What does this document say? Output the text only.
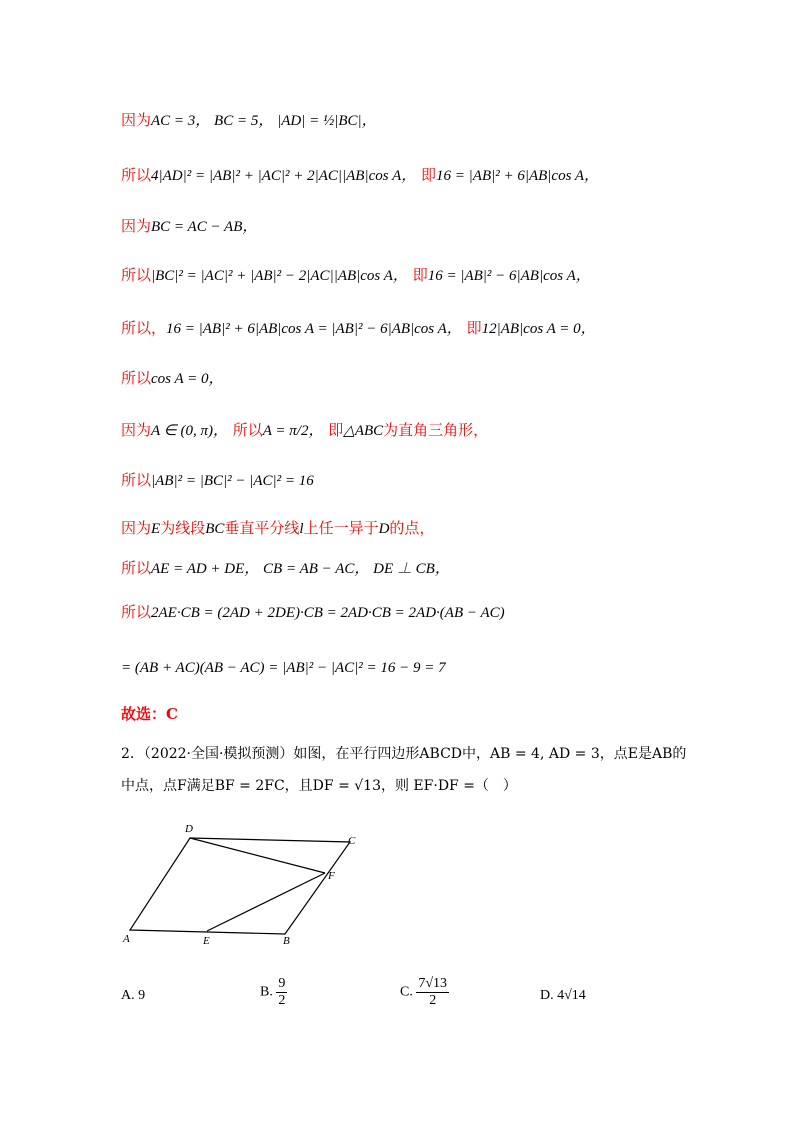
因为AC = 3， BC = 5， |AD| = ½|BC|，
所以4|AD|² = |AB|² + |AC|² + 2|AC||AB|cos A， 即16 = |AB|² + 6|AB|cos A，
因为BC = AC − AB，
所以|BC|² = |AC|² + |AB|² − 2|AC||AB|cos A， 即16 = |AB|² − 6|AB|cos A，
所以，16 = |AB|² + 6|AB|cos A = |AB|² − 6|AB|cos A， 即12|AB|cos A = 0，
所以cos A = 0，
因为A ∈ (0, π)， 所以A = π/2， 即△ABC为直角三角形，
所以|AB|² = |BC|² − |AC|² = 16
因为E为线段BC垂直平分线l上任一异于D的点，
所以AE = AD + DE， CB = AB − AC， DE ⊥ CB，
所以2AE·CB = (2AD + 2DE)·CB = 2AD·CB = 2AD·(AB − AC)
= (AB + AC)(AB − AC) = |AB|² − |AC|² = 16 − 9 = 7
故选：C
2．（2022·全国·模拟预测）如图，在平行四边形ABCD中，AB = 4, AD = 3，点E是AB的
中点，点F满足BF = 2FC，且DF = √13，则 EF·DF =（　）
D
C
F
A	E	B
A. 9	B. $\frac{9}{2}$	C. $\frac{7√13}{2}$	D. 4√14
